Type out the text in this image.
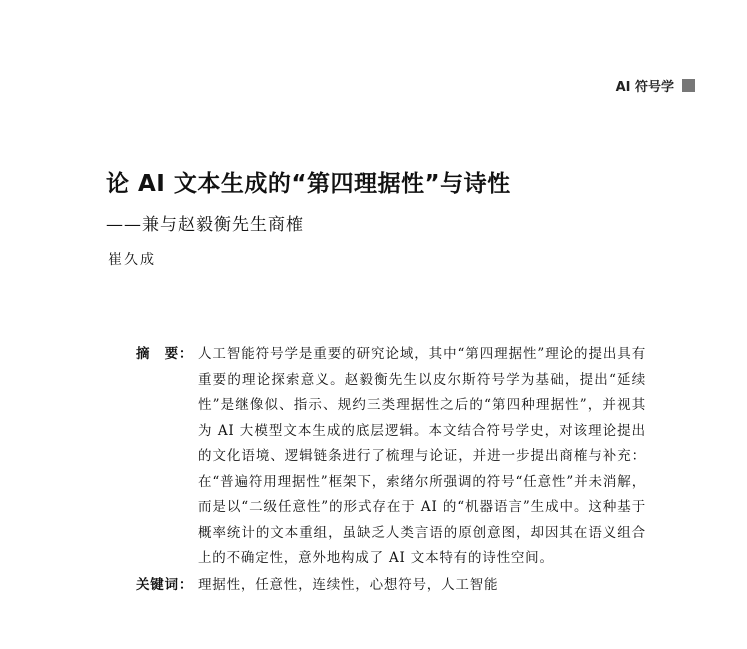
AI 符号学
论 AI 文本生成的“第四理据性”与诗性
——兼与赵毅衡先生商榷
崔久成
摘　要： 人工智能符号学是重要的研究论域，其中“第四理据性”理论的提出具有重要的理论探索意义。赵毅衡先生以皮尔斯符号学为基础，提出“延续性”是继像似、指示、规约三类理据性之后的“第四种理据性”，并视其为 AI 大模型文本生成的底层逻辑。本文结合符号学史，对该理论提出的文化语境、逻辑链条进行了梳理与论证，并进一步提出商榷与补充：在“普遍符用理据性”框架下，索绪尔所强调的符号“任意性”并未消解，而是以“二级任意性”的形式存在于 AI 的“机器语言”生成中。这种基于概率统计的文本重组，虽缺乏人类言语的原创意图，却因其在语义组合上的不确定性，意外地构成了 AI 文本特有的诗性空间。
关键词： 理据性，任意性，连续性，心想符号，人工智能
